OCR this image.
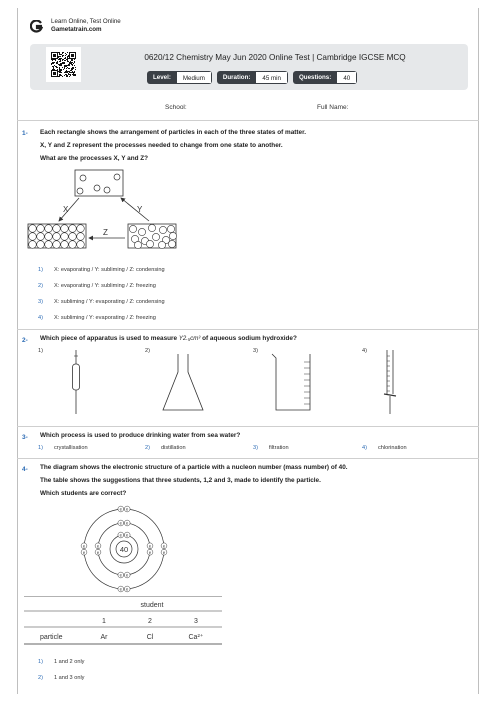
Learn Online, Test Online
Gametatrain.com
0620/12 Chemistry May Jun 2020 Online Test | Cambridge IGCSE MCQ
Level:	Medium	Duration:	45 min	Questions:	40
School:	Full Name:
1- Each rectangle shows the arrangement of particles in each of the three states of matter.
X, Y and Z represent the processes needed to change from one state to another.
What are the processes X, Y and Z?
X	Y
Z
1) X: evaporating / Y: subliming / Z: condensing
2) X: evaporating / Y: subliming / Z: freezing
3) X: subliming / Y: evaporating / Z: condensing
4) X: subliming / Y: evaporating / Z: freezing
2- Which piece of apparatus is used to measure Y2.₅cm³ of aqueous sodium hydroxide?
1)	2)	3)	4)
3- Which process is used to produce drinking water from sea water?
1) crystallisation	2) distillation	3) filtration	4) chlorination
4- The diagram shows the electronic structure of a particle with a nucleon number (mass number) of 40.
The table shows the suggestions that three students, 1,2 and 3, made to identify the particle.
Which students are correct?
40
e
e
e
e
e
e
e e
e
e
e
e
e
e
e e
e
e
student
1	2	3
particle	Ar	Cl	Ca²⁺
1) 1 and 2 only
2) 1 and 3 only
